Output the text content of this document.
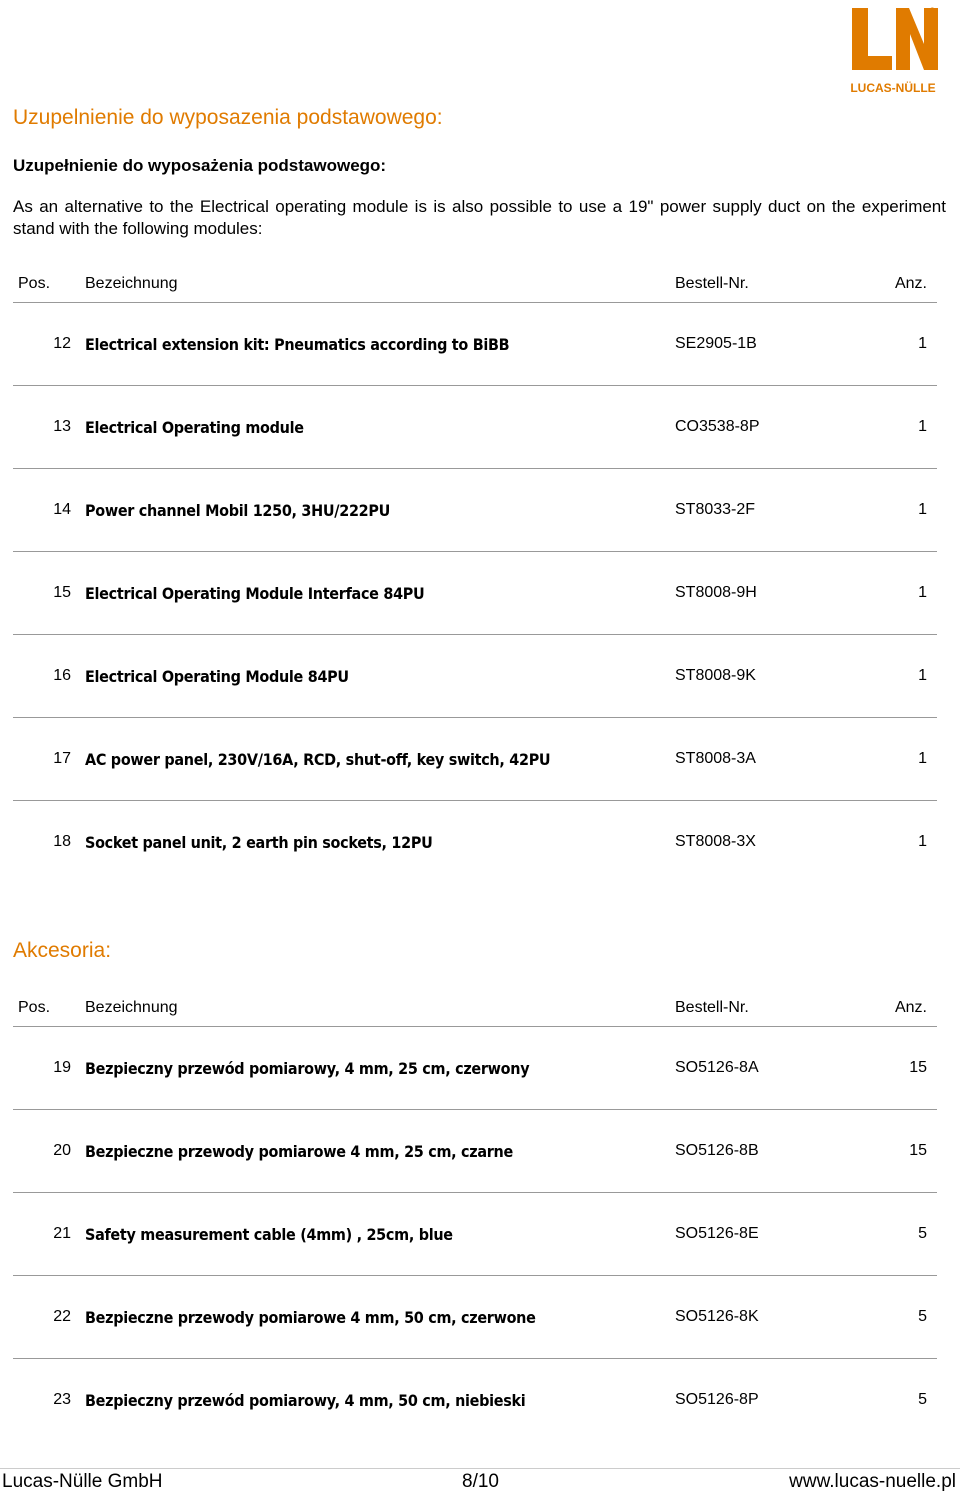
®
LUCAS-NÜLLE
Uzupelnienie do wyposazenia podstawowego:
Uzupełnienie do wyposażenia podstawowego:
As an alternative to the Electrical operating module is is also possible to use a 19" power supply duct on the experiment stand with the following modules:
Pos.	Bezeichnung	Bestell-Nr.	Anz.
12	Electrical extension kit: Pneumatics according to BiBB	SE2905-1B	1
13	Electrical Operating module	CO3538-8P	1
14	Power channel Mobil 1250, 3HU/222PU	ST8033-2F	1
15	Electrical Operating Module Interface 84PU	ST8008-9H	1
16	Electrical Operating Module 84PU	ST8008-9K	1
17	AC power panel, 230V/16A, RCD, shut-off, key switch, 42PU	ST8008-3A	1
18	Socket panel unit, 2 earth pin sockets, 12PU	ST8008-3X	1
Akcesoria:
Pos.	Bezeichnung	Bestell-Nr.	Anz.
19	Bezpieczny przewód pomiarowy, 4 mm, 25 cm, czerwony	SO5126-8A	15
20	Bezpieczne przewody pomiarowe 4 mm, 25 cm, czarne	SO5126-8B	15
21	Safety measurement cable (4mm) , 25cm, blue	SO5126-8E	5
22	Bezpieczne przewody pomiarowe 4 mm, 50 cm, czerwone	SO5126-8K	5
23	Bezpieczny przewód pomiarowy, 4 mm, 50 cm, niebieski	SO5126-8P	5
Lucas-Nülle GmbH	8/10	www.lucas-nuelle.pl
